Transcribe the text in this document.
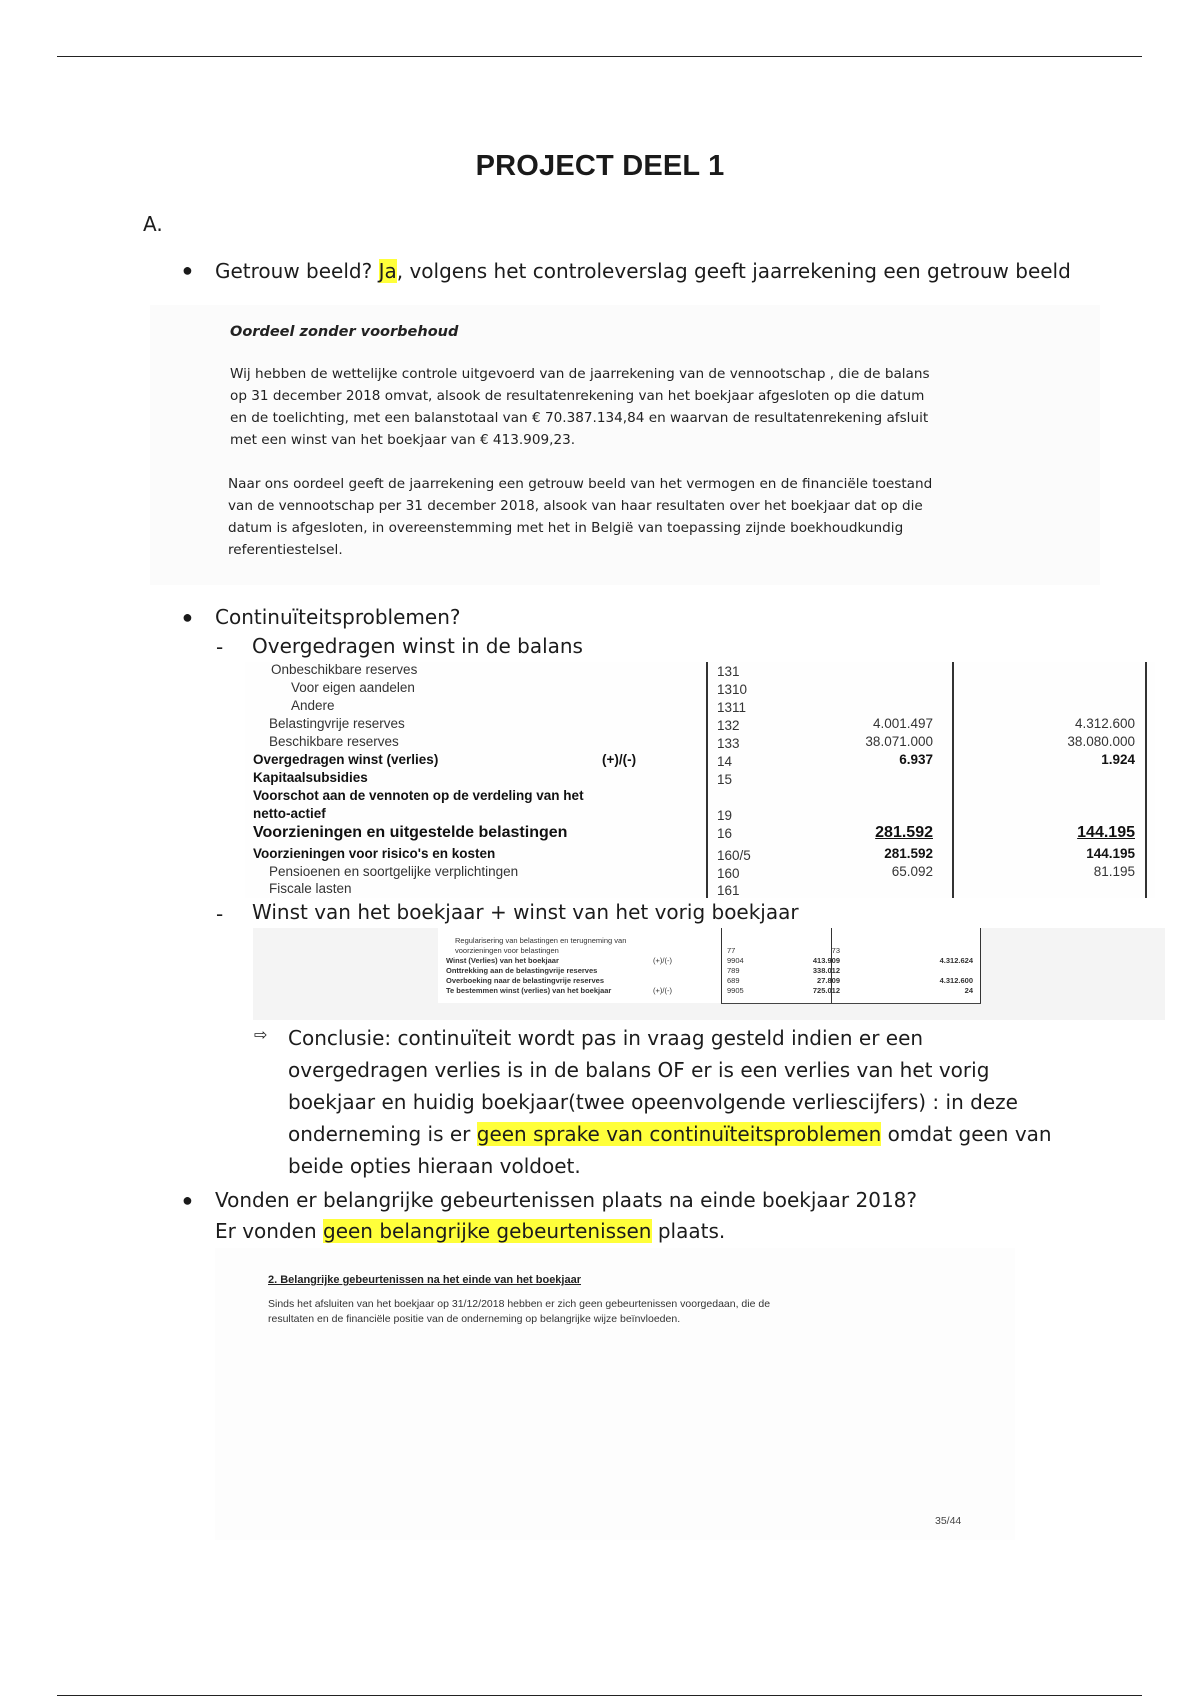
PROJECT DEEL 1
A.
● Getrouw beeld? Ja, volgens het controleverslag geeft jaarrekening een getrouw beeld
Oordeel zonder voorbehoud
Wij hebben de wettelijke controle uitgevoerd van de jaarrekening van de vennootschap , die de balans
op 31 december 2018 omvat, alsook de resultatenrekening van het boekjaar afgesloten op die datum
en de toelichting, met een balanstotaal van € 70.387.134,84 en waarvan de resultatenrekening afsluit
met een winst van het boekjaar van € 413.909,23.
Naar ons oordeel geeft de jaarrekening een getrouw beeld van het vermogen en de financiële toestand
van de vennootschap per 31 december 2018, alsook van haar resultaten over het boekjaar dat op die
datum is afgesloten, in overeenstemming met het in België van toepassing zijnde boekhoudkundig
referentiestelsel.
● Continuïteitsproblemen?
- Overgedragen winst in de balans
Onbeschikbare reserves	131
Voor eigen aandelen	1310
Andere	1311
Belastingvrije reserves	132	4.001.497	4.312.600
Beschikbare reserves	133	38.071.000	38.080.000
Overgedragen winst (verlies)	(+)/(-)	14	6.937	1.924
Kapitaalsubsidies	15
Voorschot aan de vennoten op de verdeling van het
netto-actief	19
Voorzieningen en uitgestelde belastingen	16	281.592	144.195
Voorzieningen voor risico's en kosten	160/5	281.592	144.195
Pensioenen en soortgelijke verplichtingen	160	65.092	81.195
Fiscale lasten	161
- Winst van het boekjaar + winst van het vorig boekjaar
Regularisering van belastingen en terugneming van
voorzieningen voor belastingen	77	73
Winst (Verlies) van het boekjaar	(+)/(-)	9904	413.909	4.312.624
Onttrekking aan de belastingvrije reserves	789	338.012
Overboeking naar de belastingvrije reserves	689	27.809	4.312.600
Te bestemmen winst (verlies) van het boekjaar	(+)/(-)	9905	725.012	24
⇨ Conclusie: continuïteit wordt pas in vraag gesteld indien er een overgedragen verlies is in de balans OF er is een verlies van het vorig boekjaar en huidig boekjaar(twee opeenvolgende verliescijfers) : in deze onderneming is er geen sprake van continuïteitsproblemen omdat geen van beide opties hieraan voldoet.
● Vonden er belangrijke gebeurtenissen plaats na einde boekjaar 2018?
Er vonden geen belangrijke gebeurtenissen plaats.
2. Belangrijke gebeurtenissen na het einde van het boekjaar
Sinds het afsluiten van het boekjaar op 31/12/2018 hebben er zich geen gebeurtenissen voorgedaan, die de
resultaten en de financiële positie van de onderneming op belangrijke wijze beïnvloeden.
35/44
